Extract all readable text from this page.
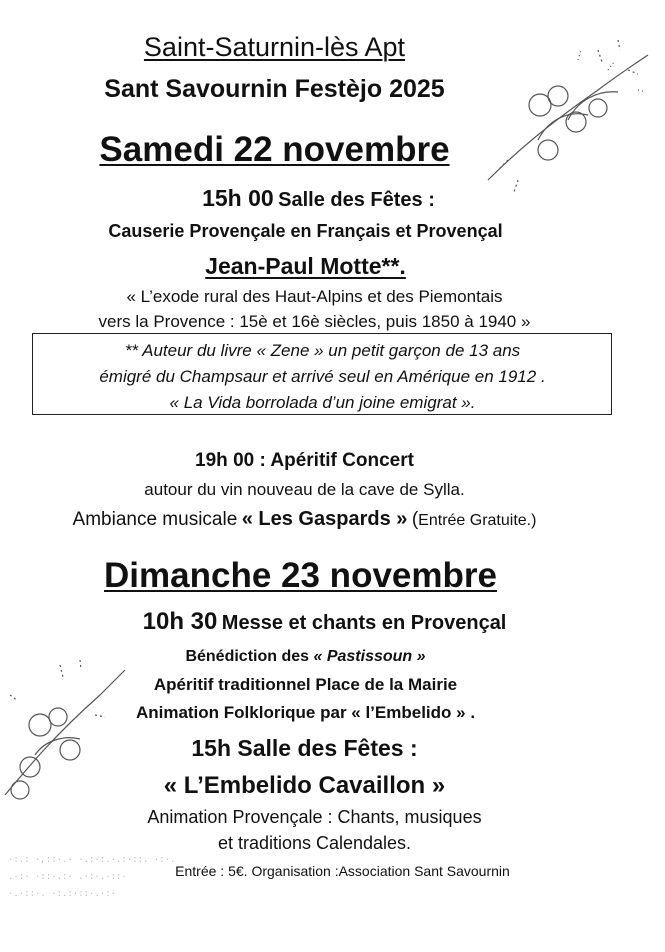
·:.: ·,::·.· ·.:·:.·.:·::. ·:·.
.·:· ·::·.:· .·:·.·::·
·.·::·. ·:.:·::·.·:·
Saint-Saturnin-lès Apt
Sant Savournin Festèjo 2025
Samedi 22 novembre
15h 00 Salle des Fêtes :
Causerie Provençale en Français et Provençal
Jean-Paul Motte**.
« L’exode rural des Haut-Alpins et des Piemontais
vers la Provence : 15è et 16è siècles, puis 1850 à 1940 »
** Auteur du livre « Zene » un petit garçon de 13 ans
émigré du Champsaur et arrivé seul en Amérique en 1912 .
« La Vida borrolada d’un joine emigrat ».
19h 00 : Apéritif Concert
autour du vin nouveau de la cave de Sylla.
Ambiance musicale « Les Gaspards » (Entrée Gratuite.)
Dimanche 23 novembre
10h 30 Messe et chants en Provençal
Bénédiction des « Pastissoun »
Apéritif traditionnel Place de la Mairie
Animation Folklorique par « l’Embelido » .
15h Salle des Fêtes :
« L’Embelido Cavaillon »
Animation Provençale : Chants, musiques
et traditions Calendales.
Entrée : 5€. Organisation :Association Sant Savournin
